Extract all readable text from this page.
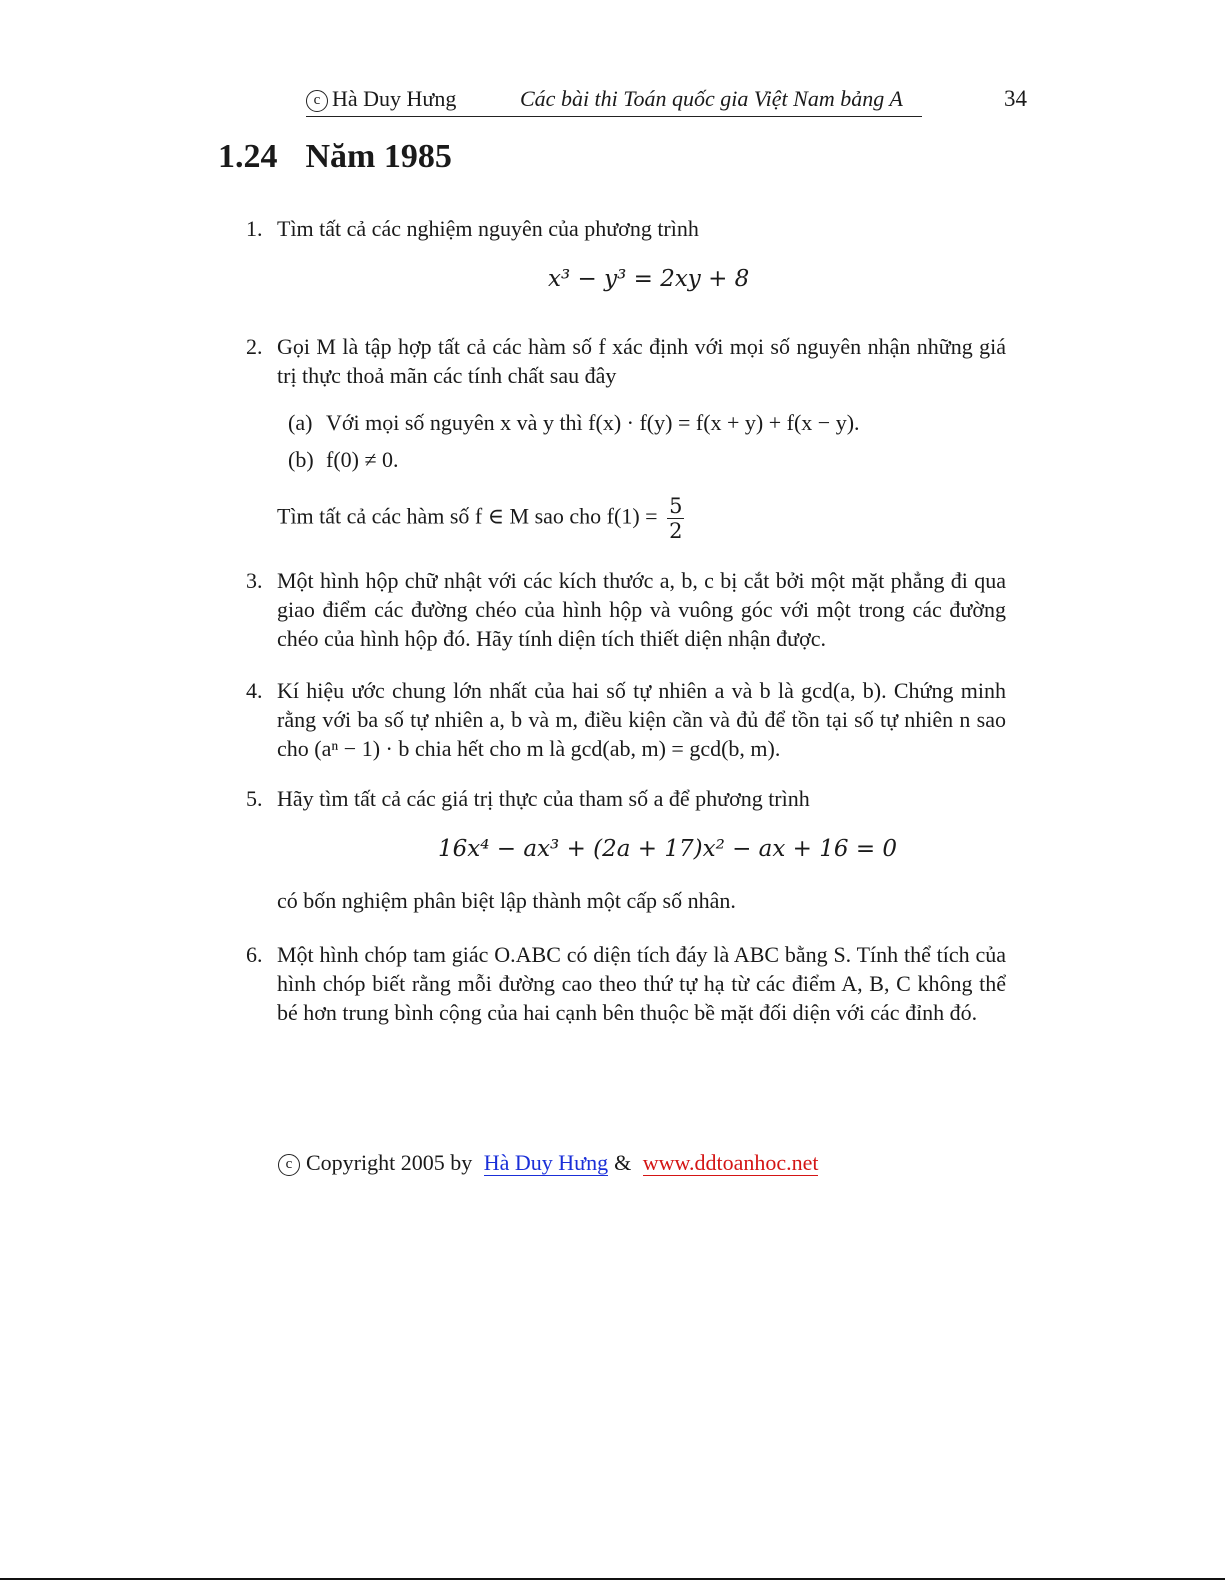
c Hà Duy Hưng	Các bài thi Toán quốc gia Việt Nam bảng A	34
1.24 Năm 1985
1. Tìm tất cả các nghiệm nguyên của phương trình
x³ − y³ = 2xy + 8
2. Gọi M là tập hợp tất cả các hàm số f xác định với mọi số nguyên nhận những giá trị thực thoả mãn các tính chất sau đây
(a) Với mọi số nguyên x và y thì f(x) · f(y) = f(x + y) + f(x − y).
(b) f(0) ≠ 0.
Tìm tất cả các hàm số f ∈ M sao cho $f(1) = \frac{5}{2}$
3. Một hình hộp chữ nhật với các kích thước a, b, c bị cắt bởi một mặt phẳng đi qua giao điểm các đường chéo của hình hộp và vuông góc với một trong các đường chéo của hình hộp đó. Hãy tính diện tích thiết diện nhận được.
4. Kí hiệu ước chung lớn nhất của hai số tự nhiên a và b là gcd(a, b). Chứng minh rằng với ba số tự nhiên a, b và m, điều kiện cần và đủ để tồn tại số tự nhiên n sao cho (aⁿ − 1) · b chia hết cho m là gcd(ab, m) = gcd(b, m).
5. Hãy tìm tất cả các giá trị thực của tham số a để phương trình
16x⁴ − ax³ + (2a + 17)x² − ax + 16 = 0
có bốn nghiệm phân biệt lập thành một cấp số nhân.
6. Một hình chóp tam giác O.ABC có diện tích đáy là ABC bằng S. Tính thể tích của hình chóp biết rằng mỗi đường cao theo thứ tự hạ từ các điểm A, B, C không thể bé hơn trung bình cộng của hai cạnh bên thuộc bề mặt đối diện với các đỉnh đó.
c Copyright 2005 by Hà Duy Hưng & www.ddtoanhoc.net
